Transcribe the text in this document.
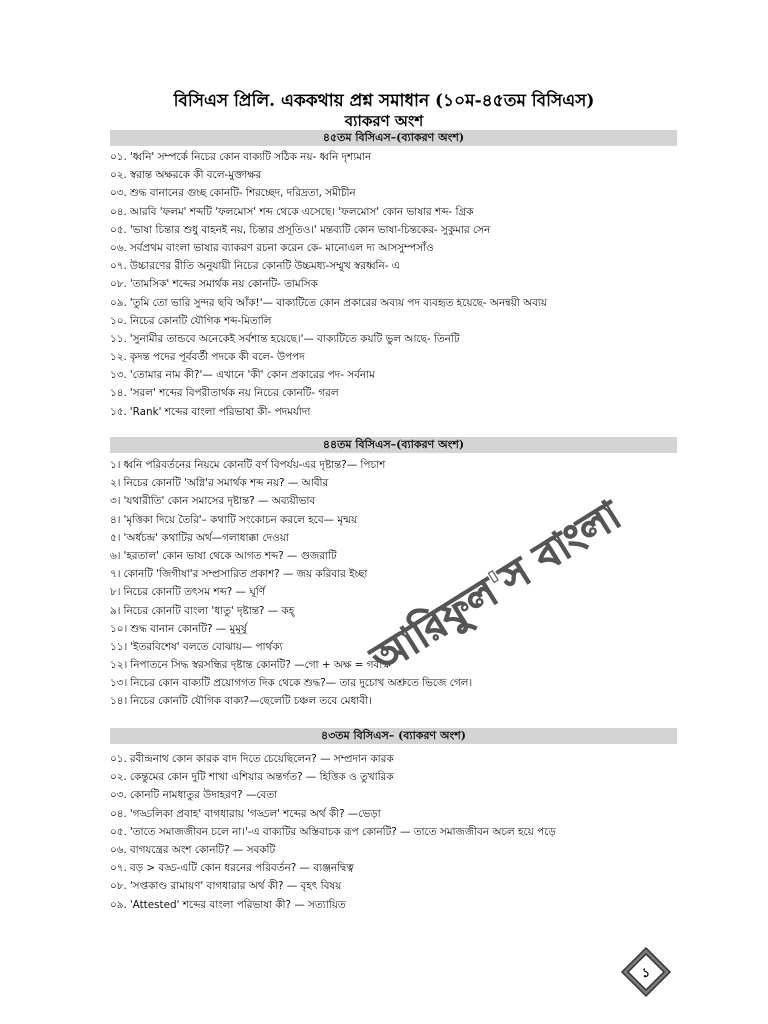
বিসিএস প্রিলি. এককথায় প্রশ্ন সমাধান (১০ম-৪৫তম বিসিএস)
ব্যাকরণ অংশ
৪৫তম বিসিএস–(ব্যাকরণ অংশ)
০১. 'ধ্বনি' সম্পর্কে নিচের কোন বাক্যটি সঠিক নয়- ধ্বনি দৃশ্যমান
০২. স্বরান্ত অক্ষরকে কী বলে-মুক্তাক্ষর
০৩. শুদ্ধ বানানের গুচ্ছ কোনটি- শিরচ্ছেদ, দরিদ্রতা, সমীচীন
০৪. আরবি 'ফলম' শব্দটি 'ফলমোস' শব্দ থেকে এসেছে। 'ফলমোস' কোন ভাষার শব্দ- গ্রিক
০৫. 'ভাষা চিন্তার শুধু বাহনই নয়, চিন্তার প্রসূতিও।' মন্তব্যটি কোন ভাষা-চিন্তকের- সুকুমার সেন
০৬. সর্বপ্রথম বাংলা ভাষার ব্যাকরণ রচনা করেন কে- মানোএল দ্য আসসুম্পসাঁও
০৭. উচ্চারণের রীতি অনুযায়ী নিচের কোনটি উচ্চমধ্য-সম্মুখ স্বরধ্বনি- এ
০৮. 'তামসিক' শব্দের সমার্থক নয় কোনটি- তামসিক
০৯. 'তুমি তো ভারি সুন্দর ছবি আঁক!'— বাক্যটিতে কোন প্রকারের অব্যয় পদ ব্যবহৃত হয়েছে- অনন্বয়ী অব্যয়
১০. নিচের কোনটি যৌগিক শব্দ-মিতালি
১১. 'সুনামীর তান্ডবে অনেকেই সর্বশান্ত হয়েছে।'— বাক্যটিতে কয়টি ভুল আছে- তিনটি
১২. কৃদন্ত পদের পূর্ববর্তী পদকে কী বলে- উপপদ
১৩. 'তোমার নাম কী?'— এখানে 'কী' কোন প্রকারের পদ- সর্বনাম
১৪. 'সরল' শব্দের বিপরীতার্থক নয় নিচের কোনটি- গরল
১৫. 'Rank' শব্দের বাংলা পরিভাষা কী- পদমর্যাদা
৪৪তম বিসিএস–(ব্যাকরণ অংশ)
১। ধ্বনি পরিবর্তনের নিয়মে কোনটি বর্ণ বিপর্যয়-এর দৃষ্টান্ত?— পিচাশ
২। নিচের কোনটি 'অগ্নি'র সমার্থক শব্দ নয়? — আবীর
৩। 'যথারীতি' কোন সমাসের দৃষ্টান্ত? — অব্যয়ীভাব
৪। 'মৃত্তিকা দিয়ে তৈরি'– কথাটি সংকোচন করলে হবে— মৃন্ময়
৫। 'অর্ধচন্দ্র' কথাটির অর্থ—গলাধাক্কা দেওয়া
৬। 'হরতাল' কোন ভাষা থেকে আগত শব্দ? — গুজরাটি
৭। কোনটি 'জিগীষা'র সম্প্রসারিত প্রকাশ? — জয় করিবার ইচ্ছা
৮। নিচের কোনটি তৎসম শব্দ? — ঘূর্ণি
৯। নিচের কোনটি বাংলা 'ধাতু' দৃষ্টান্ত? — কহ্
১০। শুদ্ধ বানান কোনটি? — মুমূর্ষু
১১। 'ইতরবিশেষ' বলতে বোঝায়— পার্থক্য
১২। নিপাতনে সিদ্ধ স্বরসন্ধির দৃষ্টান্ত কোনটি? —গো + অক্ষ = গবাক্ষ
১৩। নিচের কোন বাক্যটি প্রয়োগগত দিক থেকে শুদ্ধ?— তার দুচোখ অশ্রুতে ভিজে গেল।
১৪। নিচের কোনটি যৌগিক বাক্য?—ছেলেটি চঞ্চল তবে মেধাবী।
৪৩তম বিসিএস– (ব্যাকরণ অংশ)
০১. রবীন্দ্রনাথ কোন কারক বাদ দিতে চেয়েছিলেন? — সম্প্রদান কারক
০২. কেন্তুমের কোন দুটি শাখা এশিয়ার অন্তর্গত? — হিত্তিক ও তুখারিক
০৩. কোনটি নামধাতুর উদাহরণ? —বেতা
০৪. 'গড্ডলিকা প্রবাহ' বাগধারায় 'গড্ডল' শব্দের অর্থ কী? —ভেড়া
০৫. 'তাতে সমাজজীবন চলে না।'-এ বাক্যটির অস্তিবাচক রূপ কোনটি? — তাতে সমাজজীবন অচল হয়ে পড়ে
০৬. বাগযন্ত্রের অংশ কোনটি? — সবকটি
০৭. বড় > বড্ড-এটি কোন ধরনের পরিবর্তন? — ব্যঞ্জনদ্বিত্ব
০৮. 'সপ্তকাণ্ড রামায়ণ' বাগধারার অর্থ কী? — বৃহৎ বিষয়
০৯. 'Attested' শব্দের বাংলা পরিভাষা কী? — সত্যায়িত
আরিফুল'স বাংলা
১
